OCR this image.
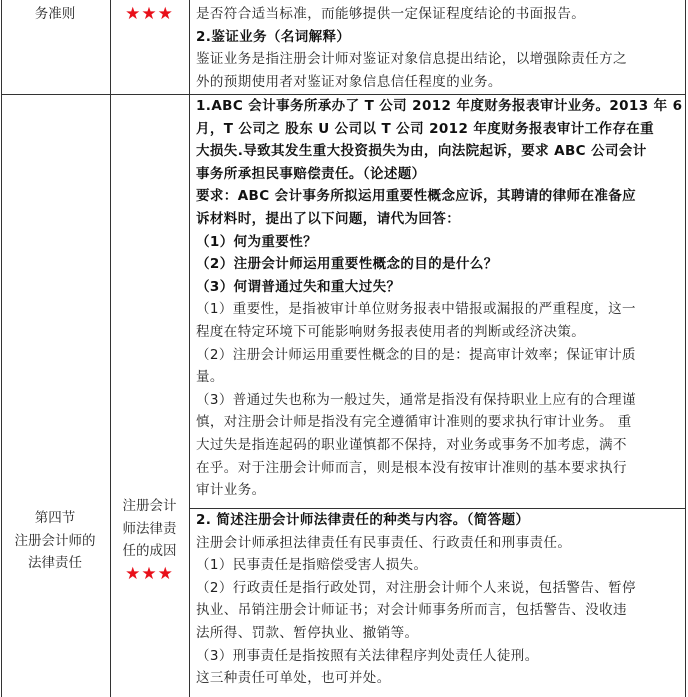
务准则	★★★	是否符合适当标准，而能够提供一定保证程度结论的书面报告。
2.鉴证业务（名词解释）
鉴证业务是指注册会计师对鉴证对象信息提出结论，以增强除责任方之
外的预期使用者对鉴证对象信息信任程度的业务。
第四节
注册会计师的
法律责任
注册会计
师法律责
任的成因
★★★
1.ABC 会计事务所承办了 T 公司 2012 年度财务报表审计业务。2013 年 6
月，T 公司之 股东 U 公司以 T 公司 2012 年度财务报表审计工作存在重
大损失.导致其发生重大投资损失为由，向法院起诉，要求 ABC 公司会计
事务所承担民事赔偿责任。（论述题）
要求：ABC 会计事务所拟运用重要性概念应诉，其聘请的律师在准备应
诉材料时，提出了以下问题，请代为回答：
（1）何为重要性？
（2）注册会计师运用重要性概念的目的是什么？
（3）何谓普通过失和重大过失？
（1）重要性，是指被审计单位财务报表中错报或漏报的严重程度，这一
程度在特定环境下可能影响财务报表使用者的判断或经济决策。
（2）注册会计师运用重要性概念的目的是：提高审计效率；保证审计质
量。
（3）普通过失也称为一般过失，通常是指没有保持职业上应有的合理谨
慎，对注册会计师是指没有完全遵循审计准则的要求执行审计业务。 重
大过失是指连起码的职业谨慎都不保持，对业务或事务不加考虑，满不
在乎。对于注册会计师而言，则是根本没有按审计准则的基本要求执行
审计业务。
2. 简述注册会计师法律责任的种类与内容。（简答题）
注册会计师承担法律责任有民事责任、行政责任和刑事责任。
（1）民事责任是指赔偿受害人损失。
（2）行政责任是指行政处罚，对注册会计师个人来说，包括警告、暂停
执业、吊销注册会计师证书；对会计师事务所而言，包括警告、没收违
法所得、罚款、暂停执业、撤销等。
（3）刑事责任是指按照有关法律程序判处责任人徒刑。
这三种责任可单处，也可并处。
